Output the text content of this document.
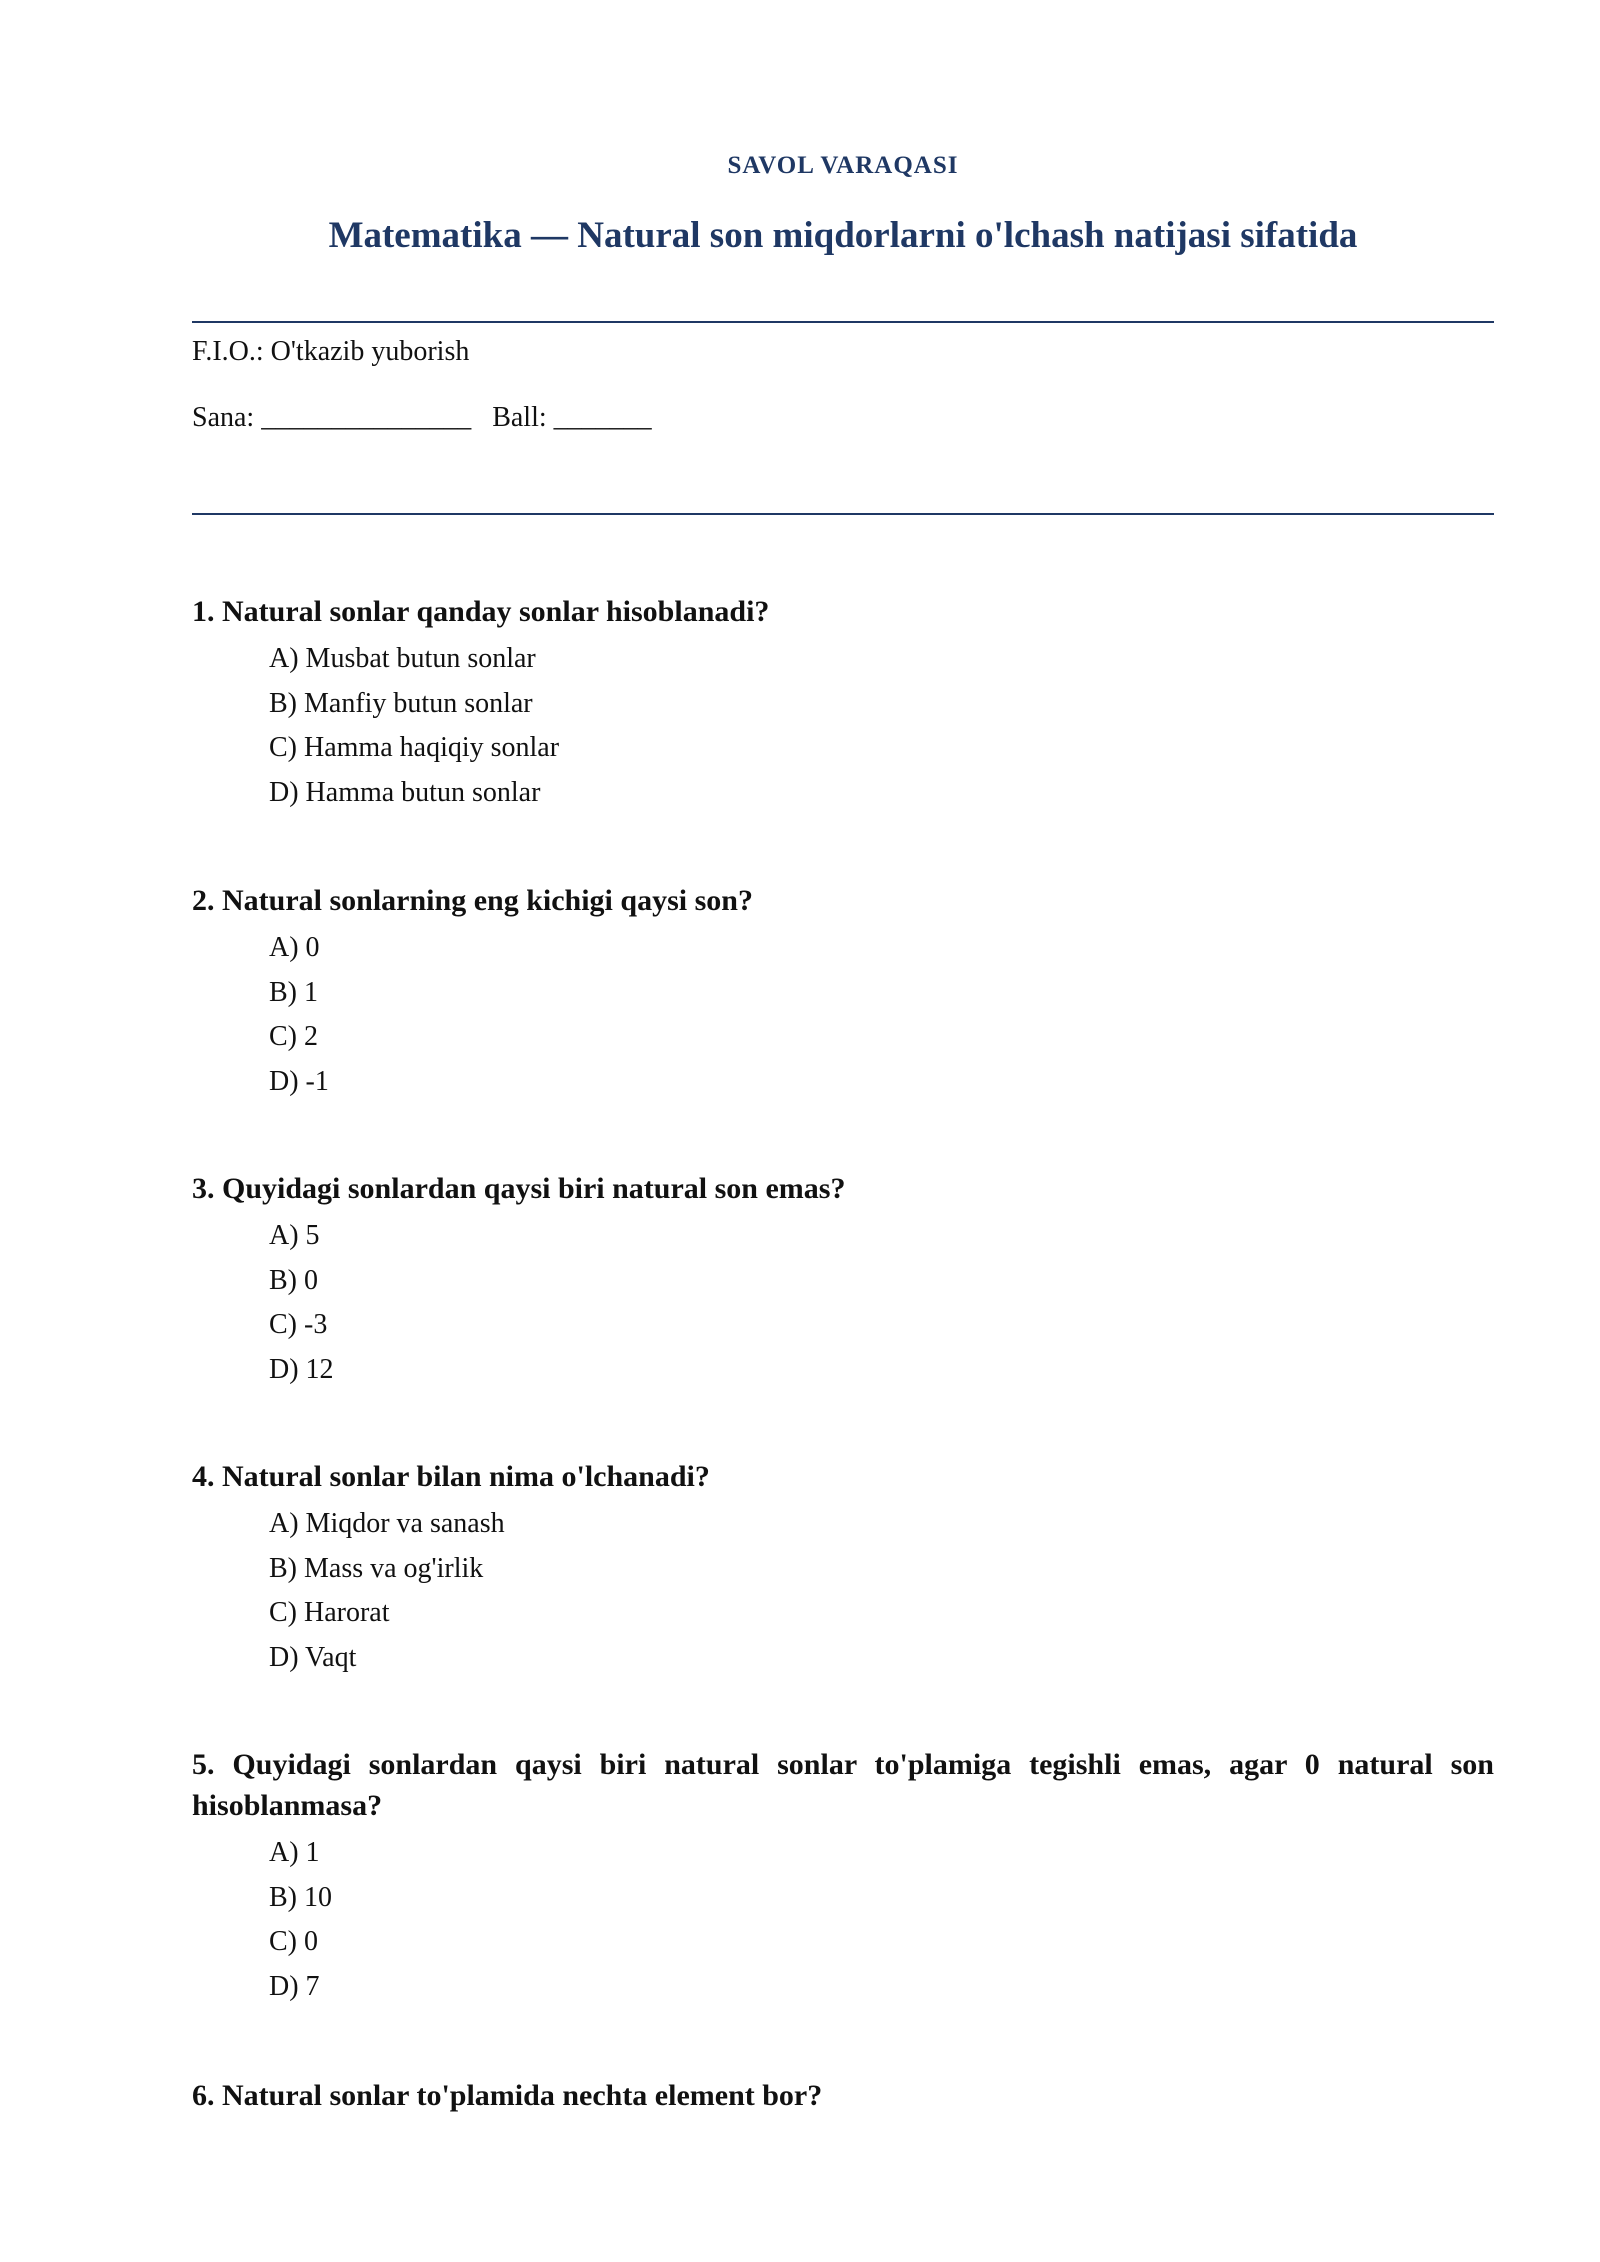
SAVOL VARAQASI
Matematika — Natural son miqdorlarni o'lchash natijasi sifatida
F.I.O.: O'tkazib yuborish
Sana: _______________   Ball: _______
1. Natural sonlar qanday sonlar hisoblanadi?
A) Musbat butun sonlar
B) Manfiy butun sonlar
C) Hamma haqiqiy sonlar
D) Hamma butun sonlar
2. Natural sonlarning eng kichigi qaysi son?
A) 0
B) 1
C) 2
D) -1
3. Quyidagi sonlardan qaysi biri natural son emas?
A) 5
B) 0
C) -3
D) 12
4. Natural sonlar bilan nima o'lchanadi?
A) Miqdor va sanash
B) Mass va og'irlik
C) Harorat
D) Vaqt
5. Quyidagi sonlardan qaysi biri natural sonlar to'plamiga tegishli emas, agar 0 natural son hisoblanmasa?
A) 1
B) 10
C) 0
D) 7
6. Natural sonlar to'plamida nechta element bor?
